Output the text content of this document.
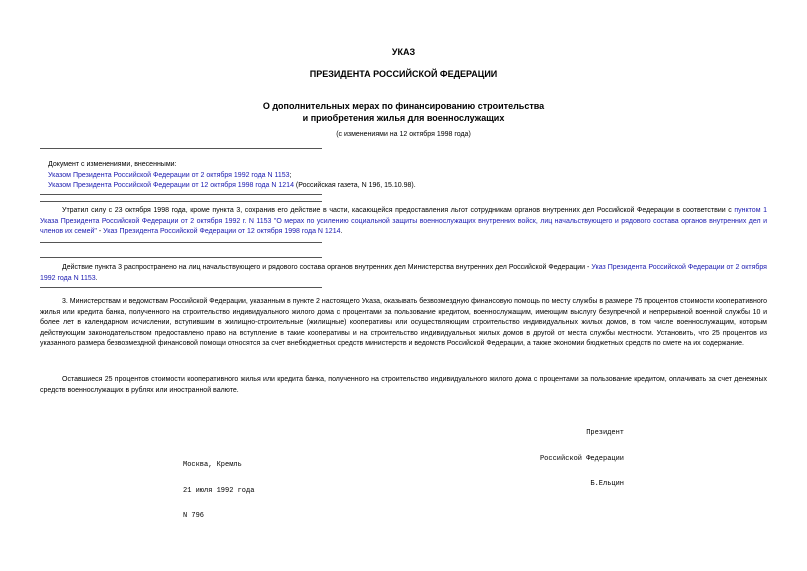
УКАЗ
ПРЕЗИДЕНТА РОССИЙСКОЙ ФЕДЕРАЦИИ
О дополнительных мерах по финансированию строительства
и приобретения жилья для военнослужащих
(с изменениями на 12 октября 1998 года)
Документ с изменениями, внесенными:
Указом Президента Российской Федерации от 2 октября 1992 года N 1153;
Указом Президента Российской Федерации от 12 октября 1998 года N 1214 (Российская газета, N 196, 15.10.98).

Утратил силу с 23 октября 1998 года, кроме пункта 3, сохранив его действие в части, касающейся предоставления льгот сотрудникам органов внутренних дел Российской Федерации в соответствии с пунктом 1 Указа Президента Российской Федерации от 2 октября 1992 г. N 1153 "О мерах по усилению социальной защиты военнослужащих внутренних войск, лиц начальствующего и рядового состава органов внутренних дел и членов их семей" - Указ Президента Российской Федерации от 12 октября 1998 года N 1214.

Действие пункта 3 распространено на лиц начальствующего и рядового состава органов внутренних дел Министерства внутренних дел Российской Федерации - Указ Президента Российской Федерации от 2 октября 1992 года N 1153.

3. Министерствам и ведомствам Российской Федерации, указанным в пункте 2 настоящего Указа, оказывать безвозмездную финансовую помощь по месту службы в размере 75 процентов стоимости кооперативного жилья или кредита банка, полученного на строительство индивидуального жилого дома с процентами за пользование кредитом, военнослужащим, имеющим выслугу безупречной и непрерывной военной службы 10 и более лет в календарном исчислении, вступившим в жилищно-строительные (жилищные) кооперативы или осуществляющим строительство индивидуальных жилых домов, в том числе военнослужащим, которым действующим законодательством предоставлено право на вступление в такие кооперативы и на строительство индивидуальных жилых домов в другой от места службы местности. Установить, что 25 процентов из указанного размера безвозмездной финансовой помощи относятся за счет внебюджетных средств министерств и ведомств Российской Федерации, а также экономии бюджетных средств по смете на их содержание.

Оставшиеся 25 процентов стоимости кооперативного жилья или кредита банка, полученного на строительство индивидуального жилого дома с процентами за пользование кредитом, оплачивать за счет денежных средств военнослужащих в рублях или иностранной валюте.

Президент

Российской Федерации

Б.Ельцин

Москва, Кремль

21 июля 1992 года

N 796
